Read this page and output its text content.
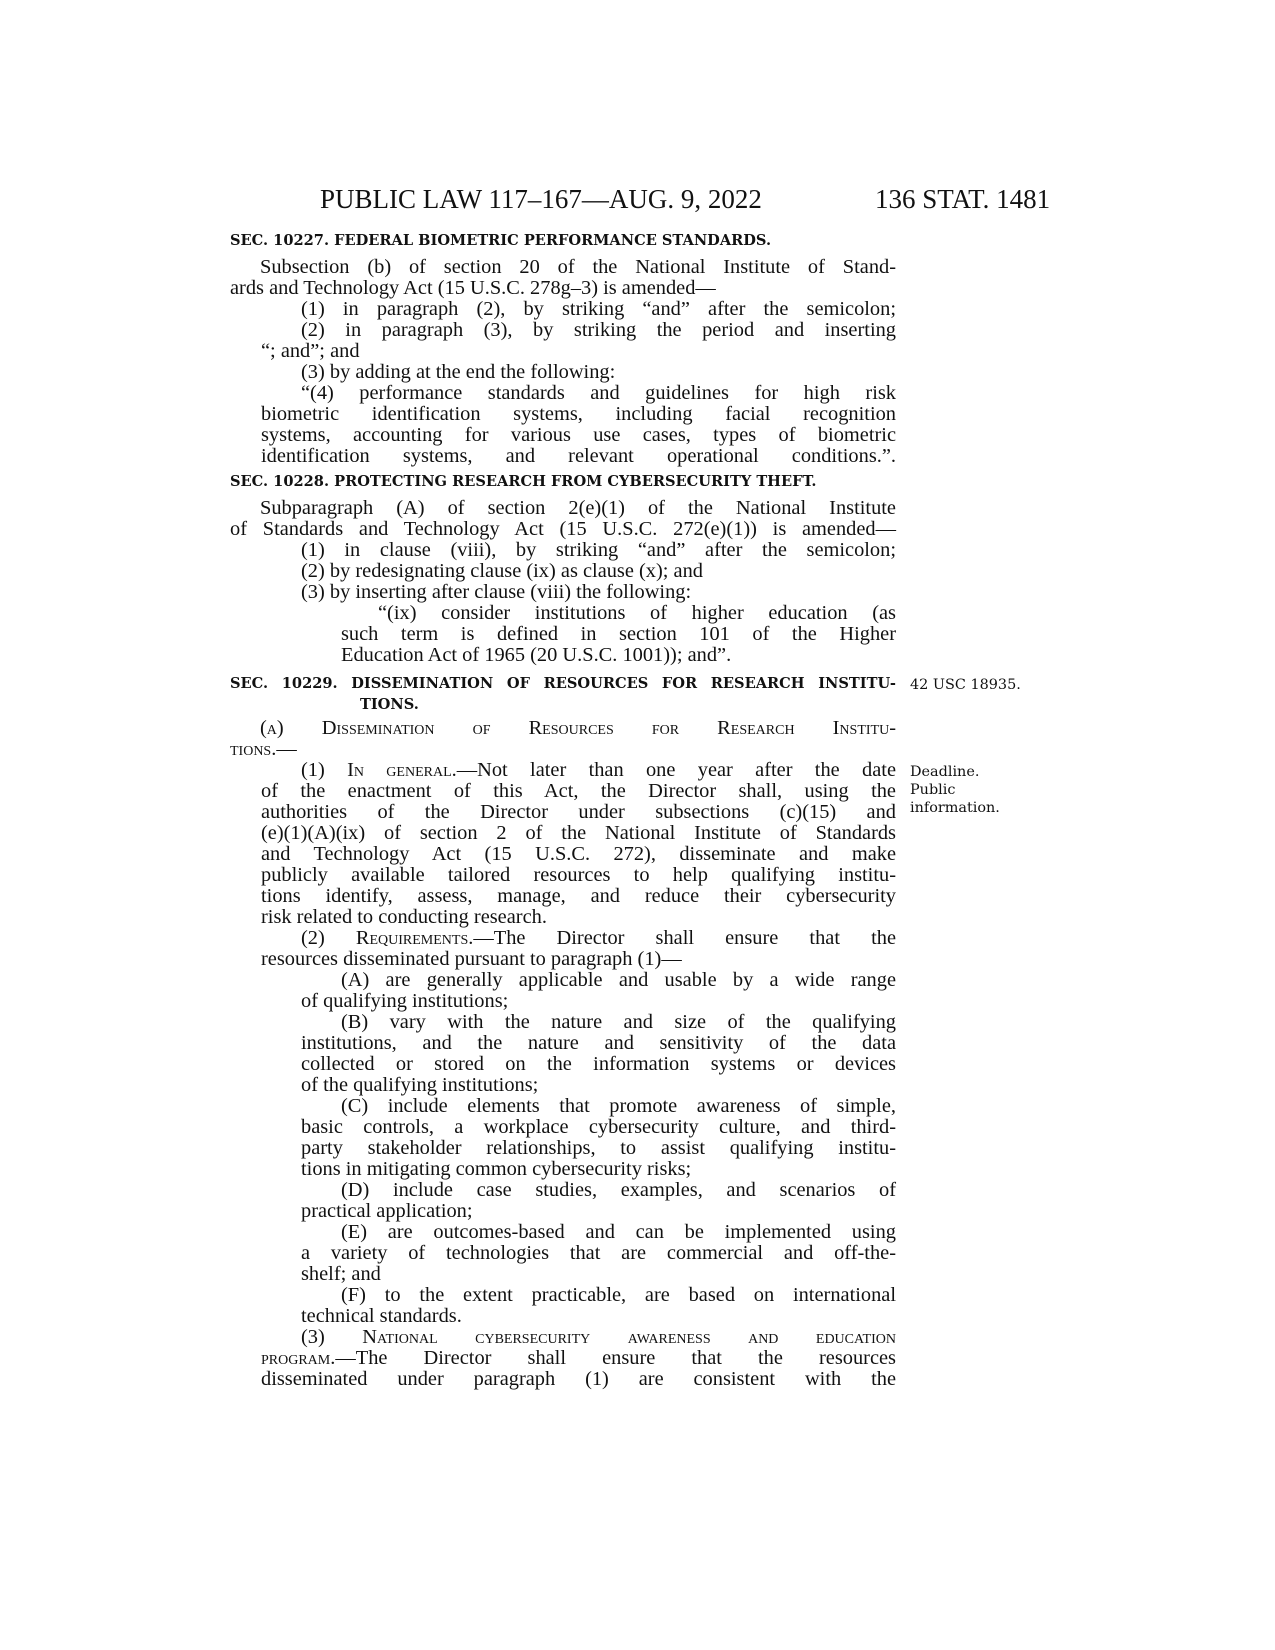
PUBLIC LAW 117–167—AUG. 9, 2022	136 STAT. 1481
SEC. 10227. FEDERAL BIOMETRIC PERFORMANCE STANDARDS.

Subsection (b) of section 20 of the National Institute of Stand-

ards and Technology Act (15 U.S.C. 278g–3) is amended—

(1) in paragraph (2), by striking “and” after the semicolon;

(2) in paragraph (3), by striking the period and inserting

“; and”; and

(3) by adding at the end the following:

“(4) performance standards and guidelines for high risk

biometric identification systems, including facial recognition

systems, accounting for various use cases, types of biometric

identification systems, and relevant operational conditions.”.

SEC. 10228. PROTECTING RESEARCH FROM CYBERSECURITY THEFT.

Subparagraph (A) of section 2(e)(1) of the National Institute

of Standards and Technology Act (15 U.S.C. 272(e)(1)) is amended—

(1) in clause (viii), by striking “and” after the semicolon;

(2) by redesignating clause (ix) as clause (x); and

(3) by inserting after clause (viii) the following:

“(ix) consider institutions of higher education (as

such term is defined in section 101 of the Higher

Education Act of 1965 (20 U.S.C. 1001)); and”.

SEC. 10229. DISSEMINATION OF RESOURCES FOR RESEARCH INSTITU-
TIONS.
42 USC 18935.

(a) Dissemination of Resources for Research Institu-

tions.—

(1) In general.—Not later than one year after the date

of the enactment of this Act, the Director shall, using the

authorities of the Director under subsections (c)(15) and

(e)(1)(A)(ix) of section 2 of the National Institute of Standards

and Technology Act (15 U.S.C. 272), disseminate and make

publicly available tailored resources to help qualifying institu-

tions identify, assess, manage, and reduce their cybersecurity

risk related to conducting research.

(2) Requirements.—The Director shall ensure that the

resources disseminated pursuant to paragraph (1)—

(A) are generally applicable and usable by a wide range

of qualifying institutions;

(B) vary with the nature and size of the qualifying

institutions, and the nature and sensitivity of the data

collected or stored on the information systems or devices

of the qualifying institutions;

(C) include elements that promote awareness of simple,

basic controls, a workplace cybersecurity culture, and third-

party stakeholder relationships, to assist qualifying institu-

tions in mitigating common cybersecurity risks;

(D) include case studies, examples, and scenarios of

practical application;

(E) are outcomes-based and can be implemented using

a variety of technologies that are commercial and off-the-

shelf; and

(F) to the extent practicable, are based on international

technical standards.

(3) National cybersecurity awareness and education

program.—The Director shall ensure that the resources

disseminated under paragraph (1) are consistent with the

Deadline.
Public
information.
